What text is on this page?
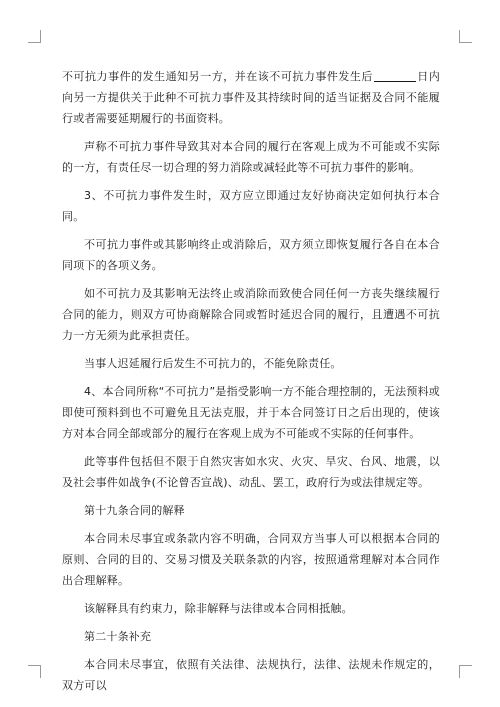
不可抗力事件的发生通知另一方，并在该不可抗力事件发生后	日内向另一方提供关于此种不可抗力事件及其持续时间的适当证据及合同不能履行或者需要延期履行的书面资料。

声称不可抗力事件导致其对本合同的履行在客观上成为不可能或不实际的一方，有责任尽一切合理的努力消除或减轻此等不可抗力事件的影响。

3、不可抗力事件发生时，双方应立即通过友好协商决定如何执行本合同。

不可抗力事件或其影响终止或消除后，双方须立即恢复履行各自在本合同项下的各项义务。

如不可抗力及其影响无法终止或消除而致使合同任何一方丧失继续履行合同的能力，则双方可协商解除合同或暂时延迟合同的履行，且遭遇不可抗力一方无须为此承担责任。

当事人迟延履行后发生不可抗力的，不能免除责任。

4、本合同所称“不可抗力”是指受影响一方不能合理控制的，无法预料或即使可预料到也不可避免且无法克服，并于本合同签订日之后出现的，使该方对本合同全部或部分的履行在客观上成为不可能或不实际的任何事件。

此等事件包括但不限于自然灾害如水灾、火灾、旱灾、台风、地震，以及社会事件如战争(不论曾否宣战)、动乱、罢工，政府行为或法律规定等。

第十九条合同的解释

本合同未尽事宜或条款内容不明确，合同双方当事人可以根据本合同的原则、合同的目的、交易习惯及关联条款的内容，按照通常理解对本合同作出合理解释。

该解释具有约束力，除非解释与法律或本合同相抵触。

第二十条补充

本合同未尽事宜，依照有关法律、法规执行，法律、法规未作规定的，双方可以
